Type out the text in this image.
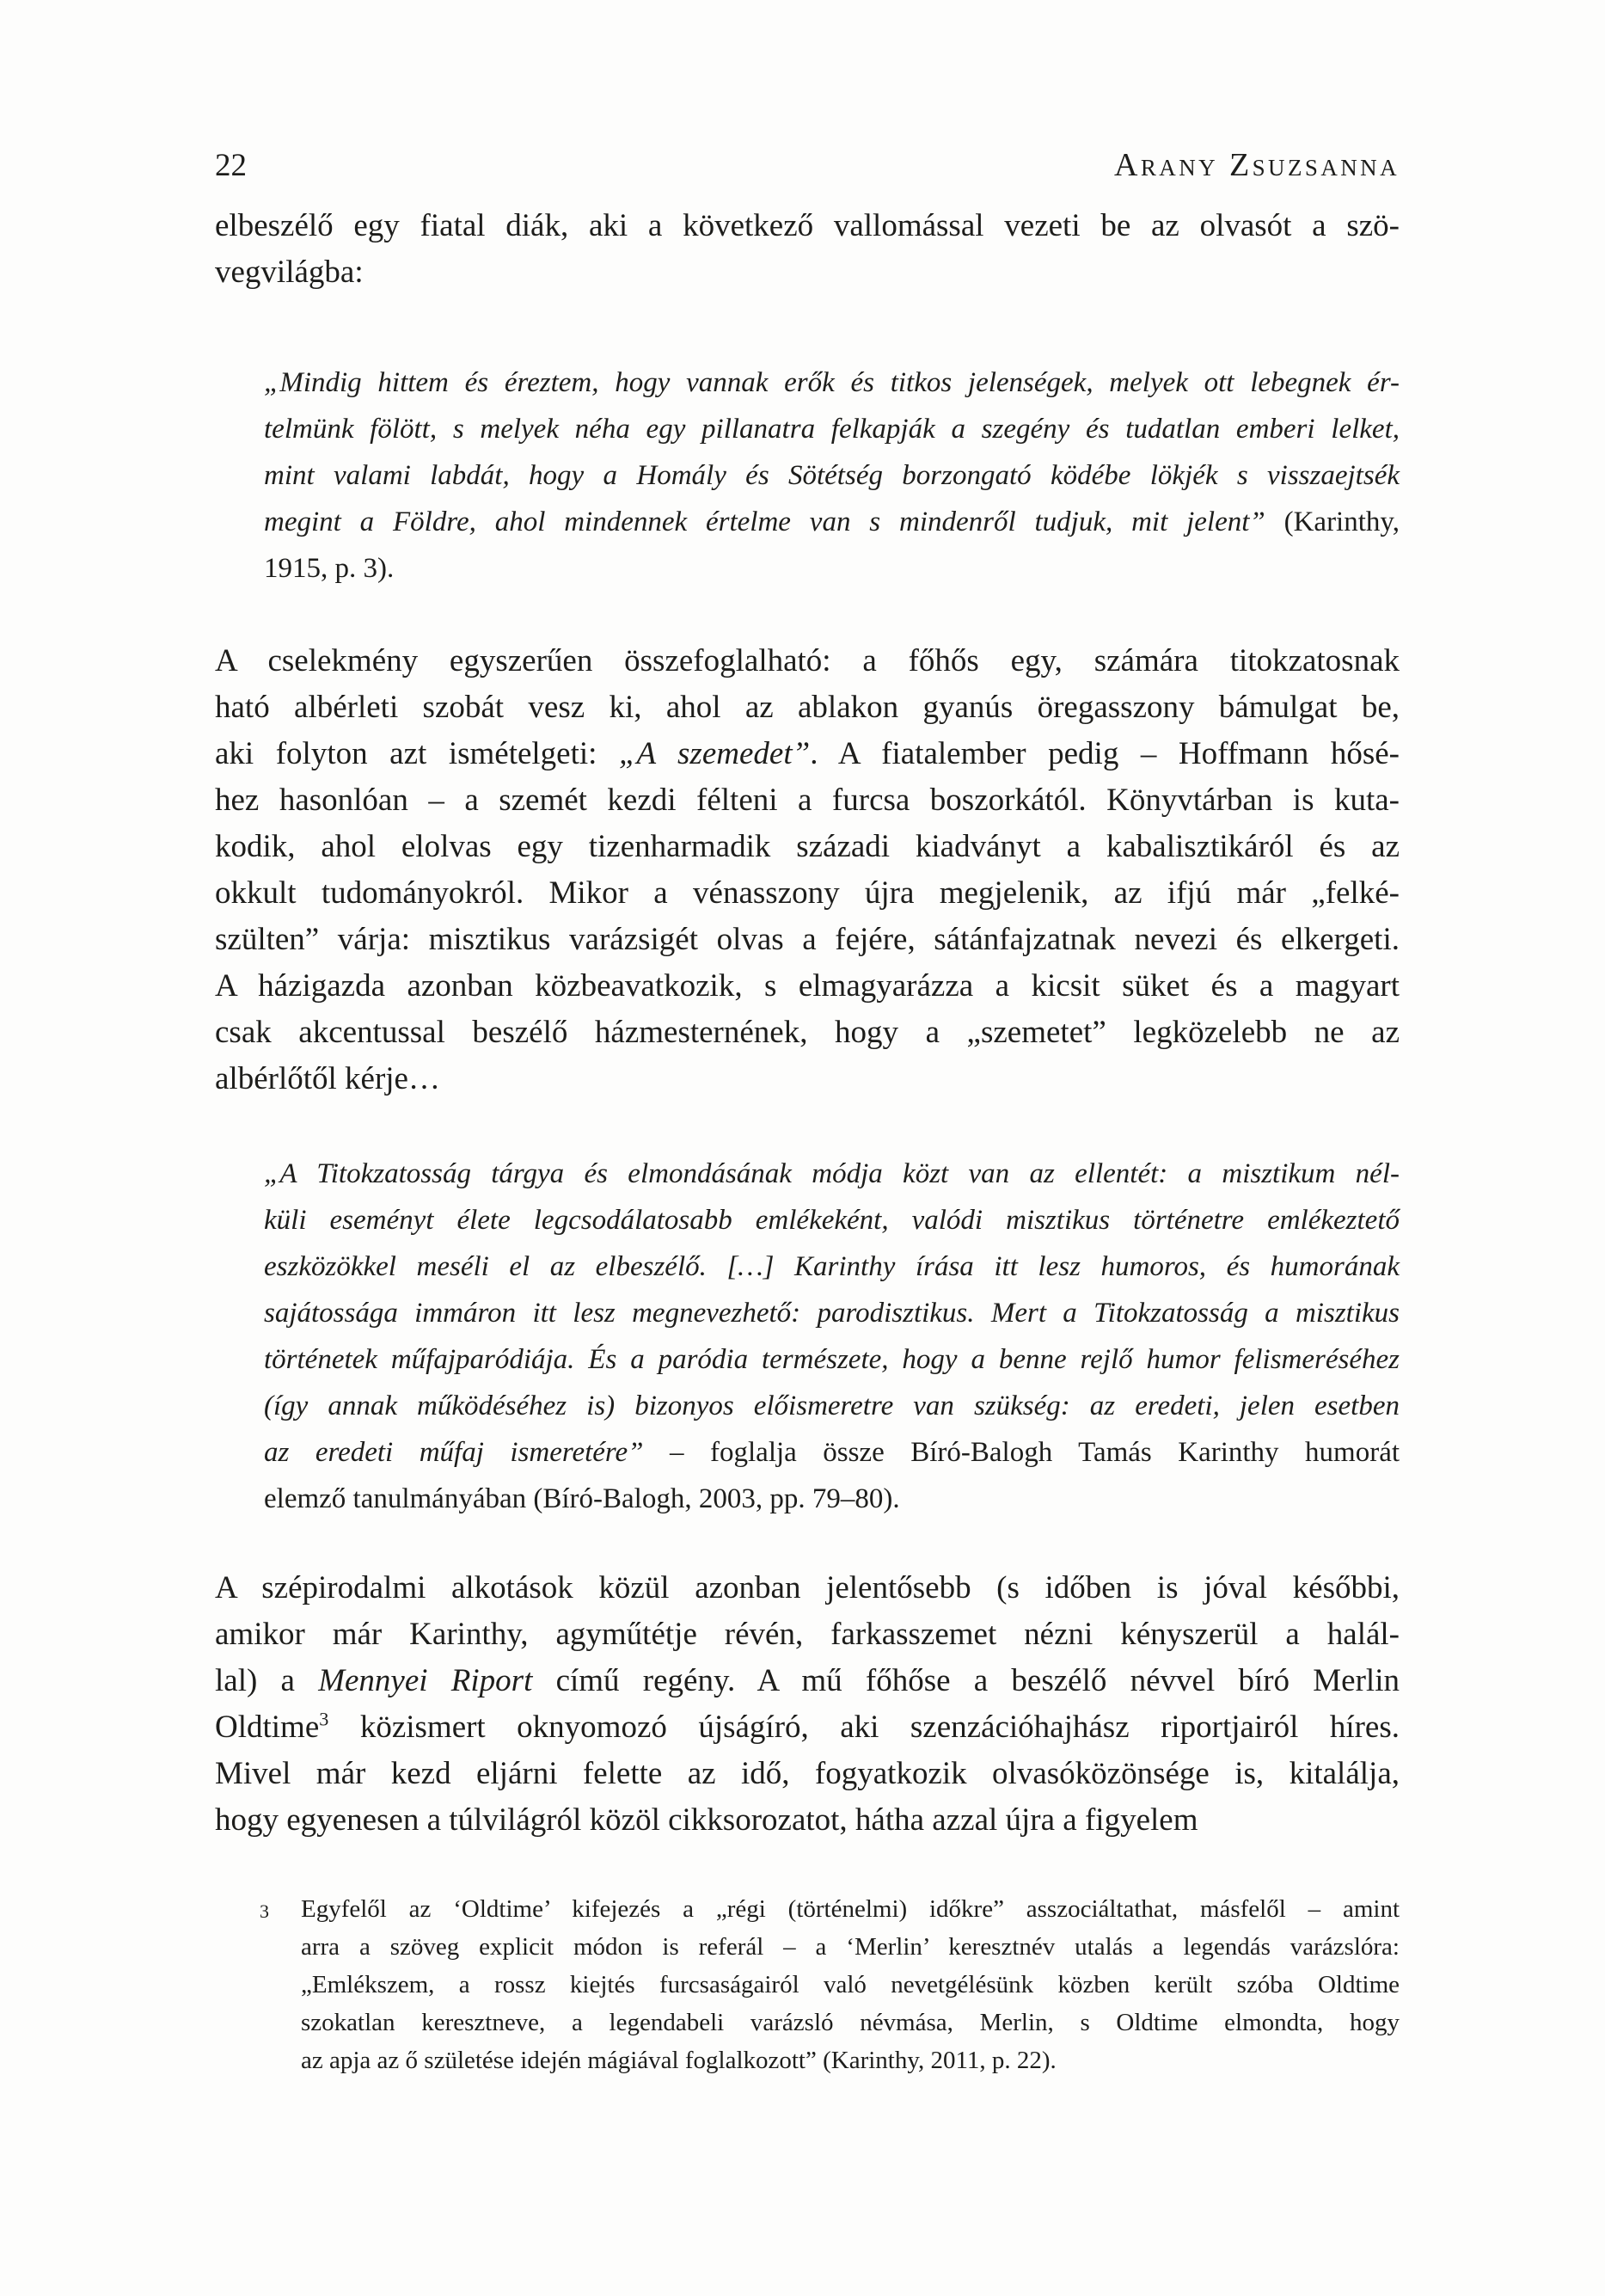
22	Arany Zsuzsanna
elbeszélő egy fiatal diák, aki a következő vallomással vezeti be az olvasót a szö-
vegvilágba:
„Mindig hittem és éreztem, hogy vannak erők és titkos jelenségek, melyek ott lebegnek ér-
telmünk fölött, s melyek néha egy pillanatra felkapják a szegény és tudatlan emberi lelket,
mint valami labdát, hogy a Homály és Sötétség borzongató ködébe lökjék s visszaejtsék
megint a Földre, ahol mindennek értelme van s mindenről tudjuk, mit jelent” (Karinthy,
1915, p. 3).
A cselekmény egyszerűen összefoglalható: a főhős egy, számára titokzatosnak
ható albérleti szobát vesz ki, ahol az ablakon gyanús öregasszony bámulgat be,
aki folyton azt ismételgeti: „A szemedet”. A fiatalember pedig – Hoffmann hősé-
hez hasonlóan – a szemét kezdi félteni a furcsa boszorkától. Könyvtárban is kuta-
kodik, ahol elolvas egy tizenharmadik századi kiadványt a kabalisztikáról és az
okkult tudományokról. Mikor a vénasszony újra megjelenik, az ifjú már „felké-
szülten” várja: misztikus varázsigét olvas a fejére, sátánfajzatnak nevezi és elkergeti.
A házigazda azonban közbeavatkozik, s elmagyarázza a kicsit süket és a magyart
csak akcentussal beszélő házmesternének, hogy a „szemetet” legközelebb ne az
albérlőtől kérje…
„A Titokzatosság tárgya és elmondásának módja közt van az ellentét: a misztikum nél-
küli eseményt élete legcsodálatosabb emlékeként, valódi misztikus történetre emlékeztető
eszközökkel meséli el az elbeszélő. […] Karinthy írása itt lesz humoros, és humorának
sajátossága immáron itt lesz megnevezhető: parodisztikus. Mert a Titokzatosság a misztikus
történetek műfajparódiája. És a paródia természete, hogy a benne rejlő humor felismeréséhez
(így annak működéséhez is) bizonyos előismeretre van szükség: az eredeti, jelen esetben
az eredeti műfaj ismeretére” – foglalja össze Bíró-Balogh Tamás Karinthy humorát
elemző tanulmányában (Bíró-Balogh, 2003, pp. 79–80).
A szépirodalmi alkotások közül azonban jelentősebb (s időben is jóval későbbi,
amikor már Karinthy, agyműtétje révén, farkasszemet nézni kényszerül a halál-
lal) a Mennyei Riport című regény. A mű főhőse a beszélő névvel bíró Merlin
Oldtime$^3$ közismert oknyomozó újságíró, aki szenzációhajhász riportjairól híres.
Mivel már kezd eljárni felette az idő, fogyatkozik olvasóközönsége is, kitalálja,
hogy egyenesen a túlvilágról közöl cikksorozatot, hátha azzal újra a figyelem
3	Egyfelől az ‘Oldtime’ kifejezés a „régi (történelmi) időkre” asszociáltathat, másfelől – amint
arra a szöveg explicit módon is referál – a ‘Merlin’ keresztnév utalás a legendás varázslóra:
„Emlékszem, a rossz kiejtés furcsaságairól való nevetgélésünk közben került szóba Oldtime
szokatlan keresztneve, a legendabeli varázsló névmása, Merlin, s Oldtime elmondta, hogy
az apja az ő születése idején mágiával foglalkozott” (Karinthy, 2011, p. 22).
